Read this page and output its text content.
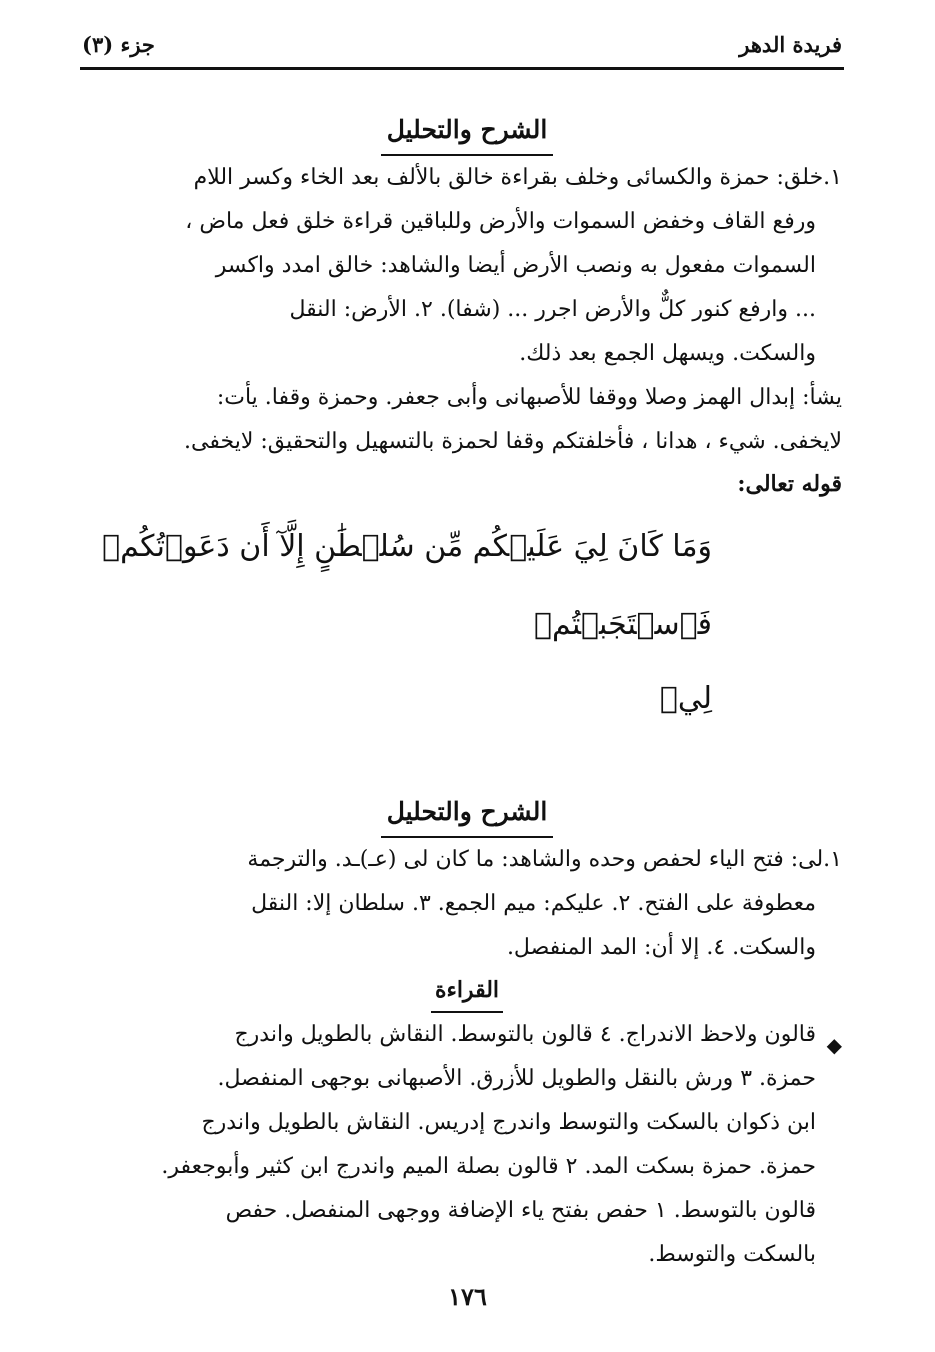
فريدة الدهر
جزء (٣)
الشرح والتحليل

١.خلق: حمزة والكسائى وخلف بقراءة خالق بالألف بعد الخاء وكسر اللام

ورفع القاف وخفض السموات والأرض وللباقين قراءة خلق فعل ماض ،

السموات مفعول به ونصب الأرض أيضا والشاهد: خالق امدد واكسر

... وارفع كنور كلٌّ والأرض اجرر ... (شفا). ٢. الأرض: النقل

والسكت. ويسهل الجمع بعد ذلك.

يشأ: إبدال الهمز وصلا ووقفا للأصبهانى وأبى جعفر. وحمزة وقفا. يأت:

لايخفى. شيء ، هدانا ، فأخلفتكم وقفا لحمزة بالتسهيل والتحقيق: لايخفى.

قوله تعالى:

وَمَا كَانَ لِيَ عَلَيۡكُم مِّن سُلۡطَٰنٍ إِلَّآ أَن دَعَوۡتُكُمۡ فَٱسۡتَجَبۡتُمۡ

لِيۖ

الشرح والتحليل

١.لى: فتح الياء لحفص وحده والشاهد: ما كان لى (عـ)ـد. والترجمة

معطوفة على الفتح. ٢. عليكم: ميم الجمع. ٣. سلطان إلا: النقل

والسكت. ٤. إلا أن: المد المنفصل.

القراءة

◆
قالون ولاحظ الاندراج. ٤ قالون بالتوسط. النقاش بالطويل واندرج

حمزة. ٣ ورش بالنقل والطويل للأزرق. الأصبهانى بوجهى المنفصل.

ابن ذكوان بالسكت والتوسط واندرج إدريس. النقاش بالطويل واندرج

حمزة. حمزة بسكت المد. ٢ قالون بصلة الميم واندرج ابن كثير وأبوجعفر.

قالون بالتوسط. ١ حفص بفتح ياء الإضافة ووجهى المنفصل. حفص

بالسكت والتوسط.

١٧٦
